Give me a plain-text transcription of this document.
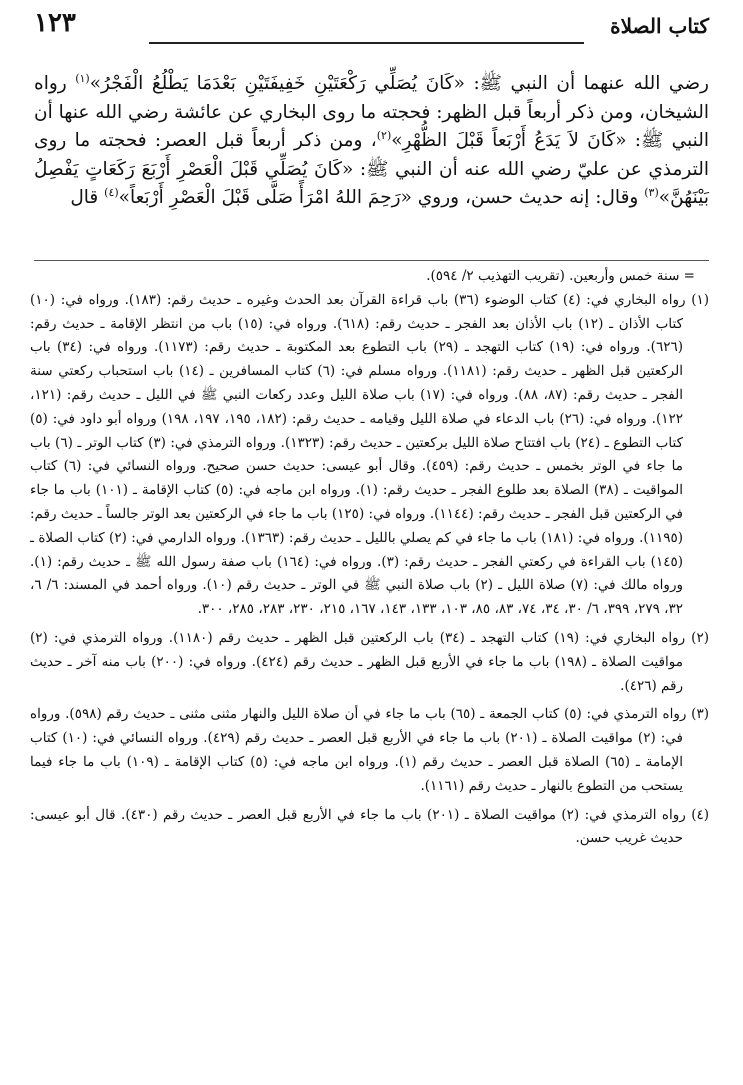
كتاب الصلاة
١٢٣

رضي الله عنهما أن النبي ﷺ: «كَانَ يُصَلِّي رَكْعَتَيْنِ خَفِيفَتَيْنِ بَعْدَمَا يَطْلُعُ الْفَجْرُ»$^{(١)}$ رواه الشيخان، ومن ذكر أربعاً قبل الظهر: فحجته ما روى البخاري عن عائشة رضي الله عنها أن النبي ﷺ: «كَانَ لاَ يَدَعُ أَرْبَعاً قَبْلَ الظُّهْرِ»$^{(٢)}$، ومن ذكر أربعاً قبل العصر: فحجته ما روى الترمذي عن عليّ رضي الله عنه أن النبي ﷺ: «كَانَ يُصَلِّي قَبْلَ الْعَصْرِ أَرْبَعَ رَكَعَاتٍ يَفْصِلُ بَيْنَهُنَّ»$^{(٣)}$ وقال: إنه حديث حسن، وروي «رَحِمَ اللهُ امْرَأً صَلَّى قَبْلَ الْعَصْرِ أَرْبَعاً»$^{(٤)}$ قال

= سنة خمس وأربعين. (تقريب التهذيب ٢/ ٥٩٤).

(١) رواه البخاري في: (٤) كتاب الوضوء (٣٦) باب قراءة القرآن بعد الحدث وغيره ـ حديث رقم: (١٨٣). ورواه في: (١٠) كتاب الأذان ـ (١٢) باب الأذان بعد الفجر ـ حديث رقم: (٦١٨). ورواه في: (١٥) باب من انتظر الإقامة ـ حديث رقم: (٦٢٦). ورواه في: (١٩) كتاب التهجد ـ (٢٩) باب التطوع بعد المكتوبة ـ حديث رقم: (١١٧٣). ورواه في: (٣٤) باب الركعتين قبل الظهر ـ حديث رقم: (١١٨١). ورواه مسلم في: (٦) كتاب المسافرين ـ (١٤) باب استحباب ركعتي سنة الفجر ـ حديث رقم: (٨٧، ٨٨). ورواه في: (١٧) باب صلاة الليل وعدد ركعات النبي ﷺ في الليل ـ حديث رقم: (١٢١، ١٢٢). ورواه في: (٢٦) باب الدعاء في صلاة الليل وقيامه ـ حديث رقم: (١٨٢، ١٩٥، ١٩٧، ١٩٨) ورواه أبو داود في: (٥) كتاب التطوع ـ (٢٤) باب افتتاح صلاة الليل بركعتين ـ حديث رقم: (١٣٢٣). ورواه الترمذي في: (٣) كتاب الوتر ـ (٦) باب ما جاء في الوتر بخمس ـ حديث رقم: (٤٥٩). وقال أبو عيسى: حديث حسن صحيح. ورواه النسائي في: (٦) كتاب المواقيت ـ (٣٨) الصلاة بعد طلوع الفجر ـ حديث رقم: (١). ورواه ابن ماجه في: (٥) كتاب الإقامة ـ (١٠١) باب ما جاء في الركعتين قبل الفجر ـ حديث رقم: (١١٤٤). ورواه في: (١٢٥) باب ما جاء في الركعتين بعد الوتر جالساً ـ حديث رقم: (١١٩٥). ورواه في: (١٨١) باب ما جاء في كم يصلي بالليل ـ حديث رقم: (١٣٦٣). ورواه الدارمي في: (٢) كتاب الصلاة ـ (١٤٥) باب القراءة في ركعتي الفجر ـ حديث رقم: (٣). ورواه في: (١٦٤) باب صفة رسول الله ﷺ ـ حديث رقم: (١). ورواه مالك في: (٧) صلاة الليل ـ (٢) باب صلاة النبي ﷺ في الوتر ـ حديث رقم (١٠). ورواه أحمد في المسند: ٦/ ٦، ٣٢، ٢٧٩، ٣٩٩، ٦/ ٣٠، ٣٤، ٧٤، ٨٣، ٨٥، ١٠٣، ١٣٣، ١٤٣، ١٦٧، ٢١٥، ٢٣٠، ٢٨٣، ٢٨٥، ٣٠٠.

(٢) رواه البخاري في: (١٩) كتاب التهجد ـ (٣٤) باب الركعتين قبل الظهر ـ حديث رقم (١١٨٠). ورواه الترمذي في: (٢) مواقيت الصلاة ـ (١٩٨) باب ما جاء في الأربع قبل الظهر ـ حديث رقم (٤٢٤). ورواه في: (٢٠٠) باب منه آخر ـ حديث رقم (٤٢٦).

(٣) رواه الترمذي في: (٥) كتاب الجمعة ـ (٦٥) باب ما جاء في أن صلاة الليل والنهار مثنى مثنى ـ حديث رقم (٥٩٨). ورواه في: (٢) مواقيت الصلاة ـ (٢٠١) باب ما جاء في الأربع قبل العصر ـ حديث رقم (٤٢٩). ورواه النسائي في: (١٠) كتاب الإمامة ـ (٦٥) الصلاة قبل العصر ـ حديث رقم (١). ورواه ابن ماجه في: (٥) كتاب الإقامة ـ (١٠٩) باب ما جاء فيما يستحب من التطوع بالنهار ـ حديث رقم (١١٦١).

(٤) رواه الترمذي في: (٢) مواقيت الصلاة ـ (٢٠١) باب ما جاء في الأربع قبل العصر ـ حديث رقم (٤٣٠). قال أبو عيسى: حديث غريب حسن.
